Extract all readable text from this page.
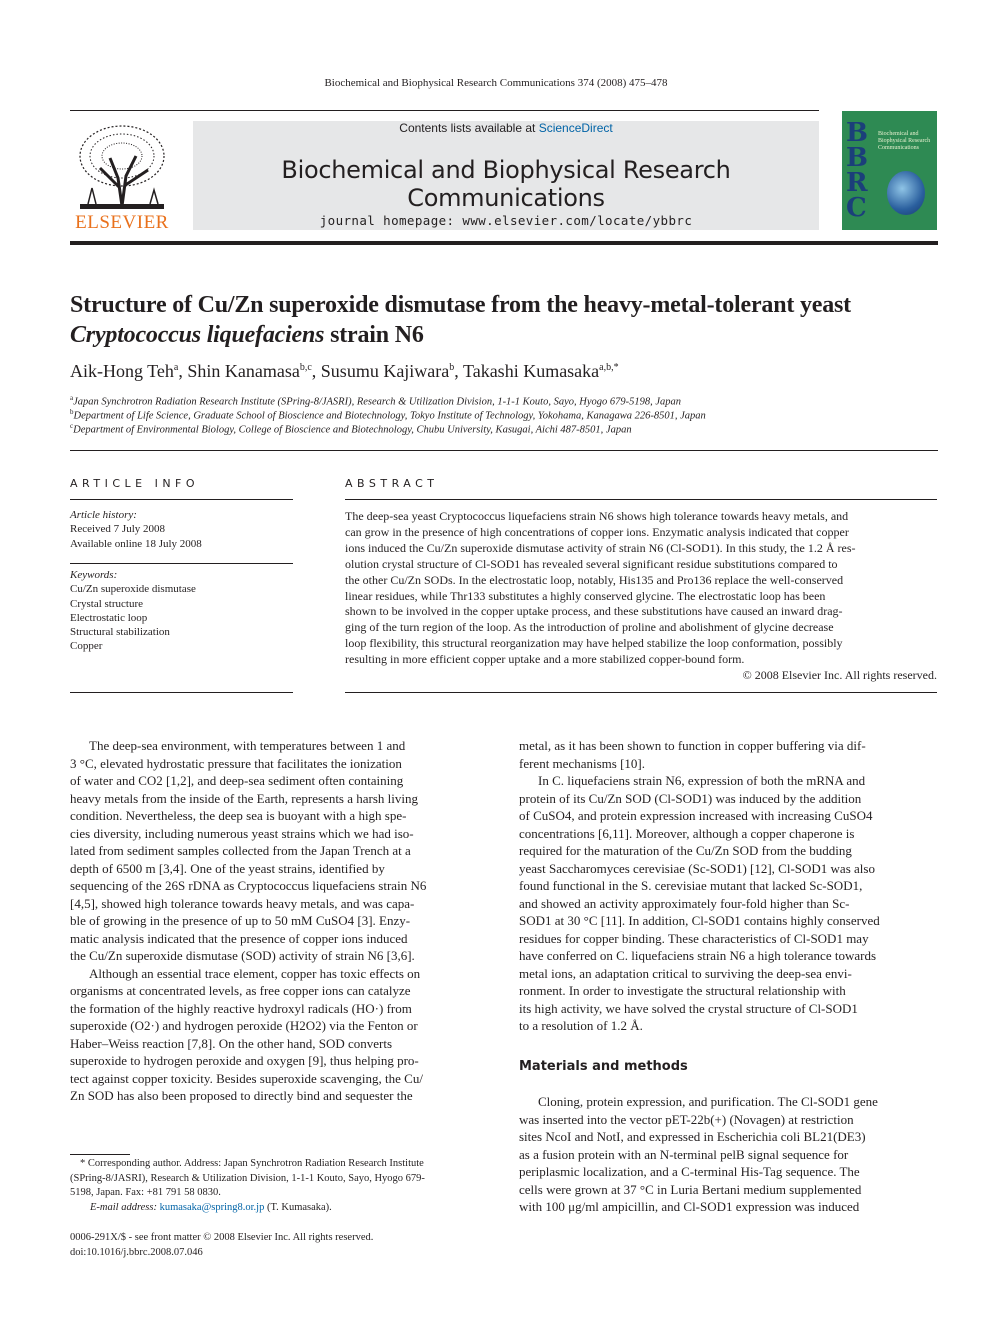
Biochemical and Biophysical Research Communications 374 (2008) 475–478
ELSEVIER
Contents lists available at ScienceDirect
Biochemical and Biophysical Research Communications
journal homepage: www.elsevier.com/locate/ybbrc
B
B
R
C
Biochemical and Biophysical Research Communications
Structure of Cu/Zn superoxide dismutase from the heavy-metal-tolerant yeast
Cryptococcus liquefaciens strain N6
Aik-Hong Teh$^a$, Shin Kanamasa$^{b,c}$, Susumu Kajiwara$^b$, Takashi Kumasaka$^{a,b,*}$
$^a$Japan Synchrotron Radiation Research Institute (SPring-8/JASRI), Research & Utilization Division, 1-1-1 Kouto, Sayo, Hyogo 679-5198, Japan
$^b$Department of Life Science, Graduate School of Bioscience and Biotechnology, Tokyo Institute of Technology, Yokohama, Kanagawa 226-8501, Japan
$^c$Department of Environmental Biology, College of Bioscience and Biotechnology, Chubu University, Kasugai, Aichi 487-8501, Japan
ARTICLE INFO
Article history:
Received 7 July 2008
Available online 18 July 2008
Keywords:
Cu/Zn superoxide dismutase
Crystal structure
Electrostatic loop
Structural stabilization
Copper
ABSTRACT
The deep-sea yeast Cryptococcus liquefaciens strain N6 shows high tolerance towards heavy metals, and
can grow in the presence of high concentrations of copper ions. Enzymatic analysis indicated that copper
ions induced the Cu/Zn superoxide dismutase activity of strain N6 (Cl-SOD1). In this study, the 1.2 Å res-
olution crystal structure of Cl-SOD1 has revealed several significant residue substitutions compared to
the other Cu/Zn SODs. In the electrostatic loop, notably, His135 and Pro136 replace the well-conserved
linear residues, while Thr133 substitutes a highly conserved glycine. The electrostatic loop has been
shown to be involved in the copper uptake process, and these substitutions have caused an inward drag-
ging of the turn region of the loop. As the introduction of proline and abolishment of glycine decrease
loop flexibility, this structural reorganization may have helped stabilize the loop conformation, possibly
resulting in more efficient copper uptake and a more stabilized copper-bound form.
© 2008 Elsevier Inc. All rights reserved.
The deep-sea environment, with temperatures between 1 and
3 °C, elevated hydrostatic pressure that facilitates the ionization
of water and CO2 [1,2], and deep-sea sediment often containing
heavy metals from the inside of the Earth, represents a harsh living
condition. Nevertheless, the deep sea is buoyant with a high spe-
cies diversity, including numerous yeast strains which we had iso-
lated from sediment samples collected from the Japan Trench at a
depth of 6500 m [3,4]. One of the yeast strains, identified by
sequencing of the 26S rDNA as Cryptococcus liquefaciens strain N6
[4,5], showed high tolerance towards heavy metals, and was capa-
ble of growing in the presence of up to 50 mM CuSO4 [3]. Enzy-
matic analysis indicated that the presence of copper ions induced
the Cu/Zn superoxide dismutase (SOD) activity of strain N6 [3,6].
Although an essential trace element, copper has toxic effects on
organisms at concentrated levels, as free copper ions can catalyze
the formation of the highly reactive hydroxyl radicals (HO·) from
superoxide (O2·) and hydrogen peroxide (H2O2) via the Fenton or
Haber–Weiss reaction [7,8]. On the other hand, SOD converts
superoxide to hydrogen peroxide and oxygen [9], thus helping pro-
tect against copper toxicity. Besides superoxide scavenging, the Cu/
Zn SOD has also been proposed to directly bind and sequester the
* Corresponding author. Address: Japan Synchrotron Radiation Research Institute
(SPring-8/JASRI), Research & Utilization Division, 1-1-1 Kouto, Sayo, Hyogo 679-
5198, Japan. Fax: +81 791 58 0830.
E-mail address: kumasaka@spring8.or.jp (T. Kumasaka).
0006-291X/$ - see front matter © 2008 Elsevier Inc. All rights reserved.
doi:10.1016/j.bbrc.2008.07.046
metal, as it has been shown to function in copper buffering via dif-
ferent mechanisms [10].
In C. liquefaciens strain N6, expression of both the mRNA and
protein of its Cu/Zn SOD (Cl-SOD1) was induced by the addition
of CuSO4, and protein expression increased with increasing CuSO4
concentrations [6,11]. Moreover, although a copper chaperone is
required for the maturation of the Cu/Zn SOD from the budding
yeast Saccharomyces cerevisiae (Sc-SOD1) [12], Cl-SOD1 was also
found functional in the S. cerevisiae mutant that lacked Sc-SOD1,
and showed an activity approximately four-fold higher than Sc-
SOD1 at 30 °C [11]. In addition, Cl-SOD1 contains highly conserved
residues for copper binding. These characteristics of Cl-SOD1 may
have conferred on C. liquefaciens strain N6 a high tolerance towards
metal ions, an adaptation critical to surviving the deep-sea envi-
ronment. In order to investigate the structural relationship with
its high activity, we have solved the crystal structure of Cl-SOD1
to a resolution of 1.2 Å.
Materials and methods
Cloning, protein expression, and purification. The Cl-SOD1 gene
was inserted into the vector pET-22b(+) (Novagen) at restriction
sites NcoI and NotI, and expressed in Escherichia coli BL21(DE3)
as a fusion protein with an N-terminal pelB signal sequence for
periplasmic localization, and a C-terminal His-Tag sequence. The
cells were grown at 37 °C in Luria Bertani medium supplemented
with 100 μg/ml ampicillin, and Cl-SOD1 expression was induced
